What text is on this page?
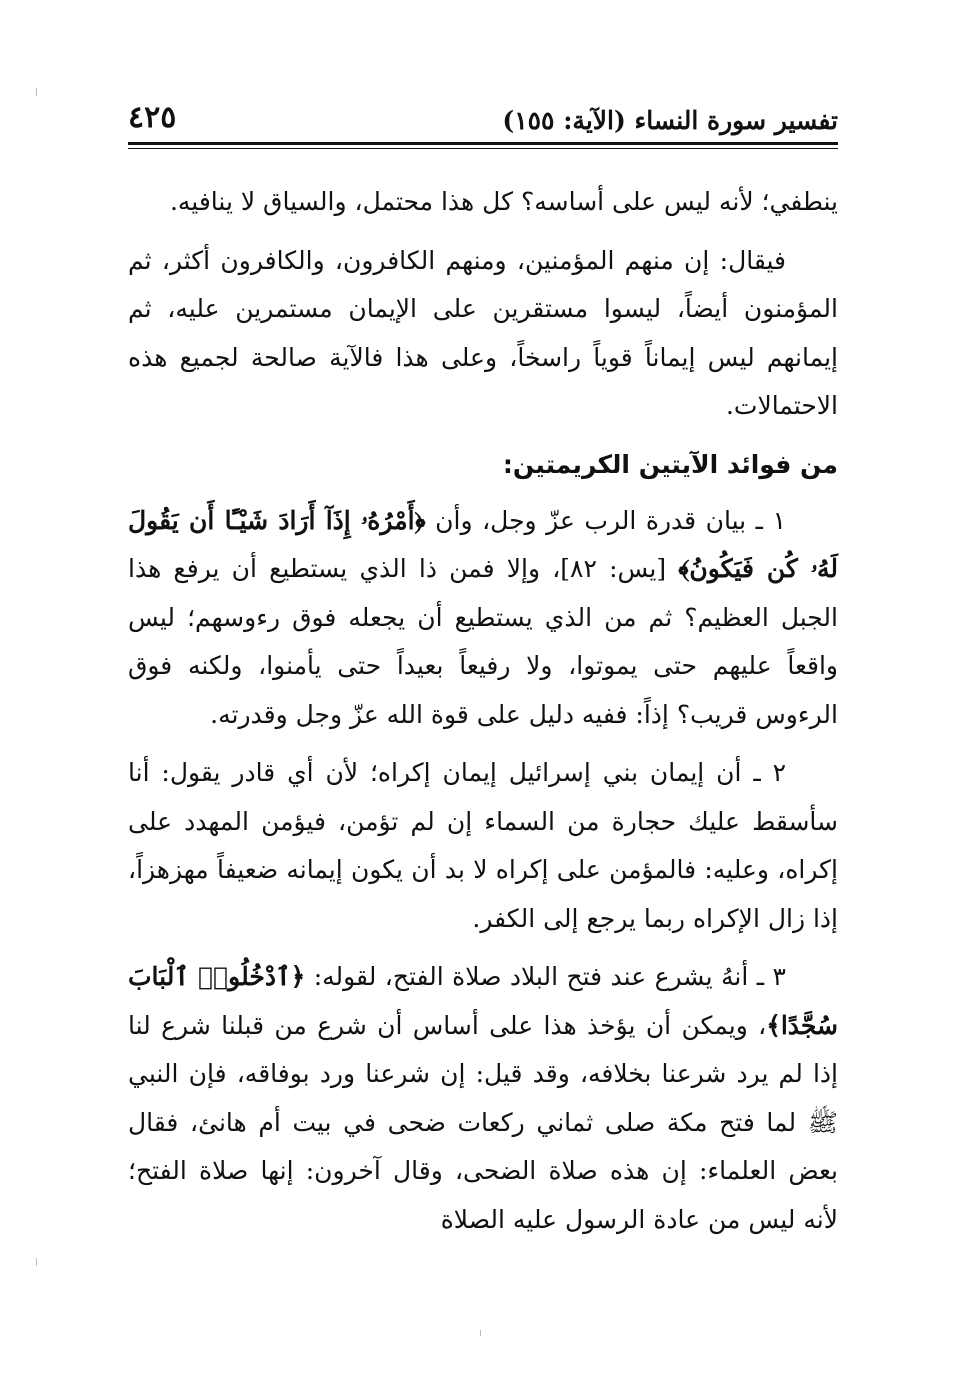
تفسير سورة النساء (الآية: ١٥٥)
٤٢٥

ينطفي؛ لأنه ليس على أساسه؟ كل هذا محتمل، والسياق لا ينافيه.

فيقال: إن منهم المؤمنين، ومنهم الكافرون، والكافرون أكثر، ثم المؤمنون أيضاً، ليسوا مستقرين على الإيمان مستمرين عليه، ثم إيمانهم ليس إيماناً قوياً راسخاً، وعلى هذا فالآية صالحة لجميع هذه الاحتمالات.

من فوائد الآيتين الكريمتين:

١ ـ بيان قدرة الرب عزّ وجل، وأن ﴿أَمْرُهُۥ إِذَآ أَرَادَ شَيْـًٔا أَن يَقُولَ لَهُۥ كُن فَيَكُونُ﴾ [يس: ٨٢]، وإلا فمن ذا الذي يستطيع أن يرفع هذا الجبل العظيم؟ ثم من الذي يستطيع أن يجعله فوق رءوسهم؛ ليس واقعاً عليهم حتى يموتوا، ولا رفيعاً بعيداً حتى يأمنوا، ولكنه فوق الرءوس قريب؟ إذاً: ففيه دليل على قوة الله عزّ وجل وقدرته.

٢ ـ أن إيمان بني إسرائيل إيمان إكراه؛ لأن أي قادر يقول: أنا سأسقط عليك حجارة من السماء إن لم تؤمن، فيؤمن المهدد على إكراه، وعليه: فالمؤمن على إكراه لا بد أن يكون إيمانه ضعيفاً مهزهزاً، إذا زال الإكراه ربما يرجع إلى الكفر.

٣ ـ أنهُ يشرع عند فتح البلاد صلاة الفتح، لقوله: ﴿ٱدْخُلُوا۟ ٱلْبَابَ سُجَّدًا﴾، ويمكن أن يؤخذ هذا على أساس أن شرع من قبلنا شرع لنا إذا لم يرد شرعنا بخلافه، وقد قيل: إن شرعنا ورد بوفاقه، فإن النبي ﷺ لما فتح مكة صلى ثماني ركعات ضحى في بيت أم هانئ، فقال بعض العلماء: إن هذه صلاة الضحى، وقال آخرون: إنها صلاة الفتح؛ لأنه ليس من عادة الرسول عليه الصلاة
